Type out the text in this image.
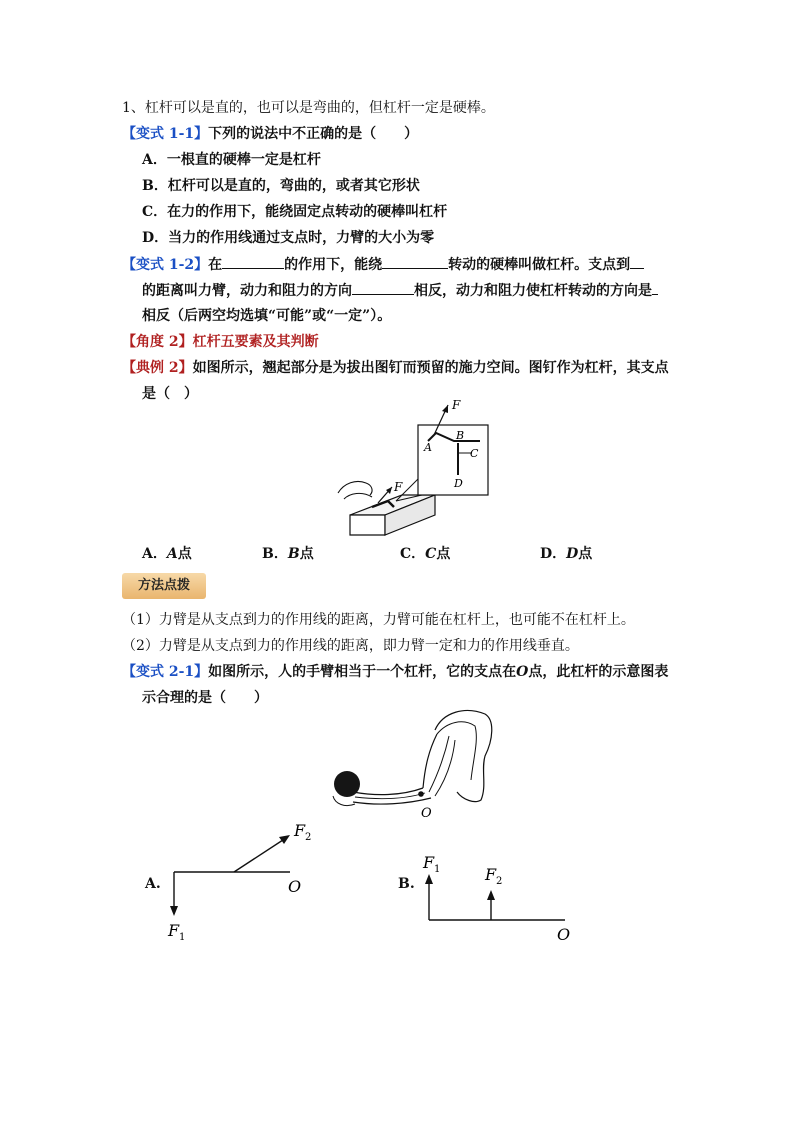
1、杠杆可以是直的，也可以是弯曲的，但杠杆一定是硬棒。
【变式 1-1】下列的说法中不正确的是（　　）
A．一根直的硬棒一定是杠杆
B．杠杆可以是直的，弯曲的，或者其它形状
C．在力的作用下，能绕固定点转动的硬棒叫杠杆
D．当力的作用线通过支点时，力臂的大小为零
【变式 1-2】在	的作用下，能绕	转动的硬棒叫做杠杆。支点到
的距离叫力臂，动力和阻力的方向	相反，动力和阻力使杠杆转动的方向是
相反（后两空均选填“可能”或“一定”）。
【角度 2】杠杆五要素及其判断
【典例 2】如图所示，翘起部分是为拔出图钉而预留的施力空间。图钉作为杠杆，其支点
是（　）
F
F
A
B
C
D
A．A点	B．B点	C．C点	D．D点
方法点拨
（1）力臂是从支点到力的作用线的距离，力臂可能在杠杆上，也可能不在杠杆上。
（2）力臂是从支点到力的作用线的距离，即力臂一定和力的作用线垂直。
【变式 2-1】如图所示，人的手臂相当于一个杠杆，它的支点在O点，此杠杆的示意图表
示合理的是（　　）
O
A.
F 1
F 2
O	B.
F 1	F 2
O
